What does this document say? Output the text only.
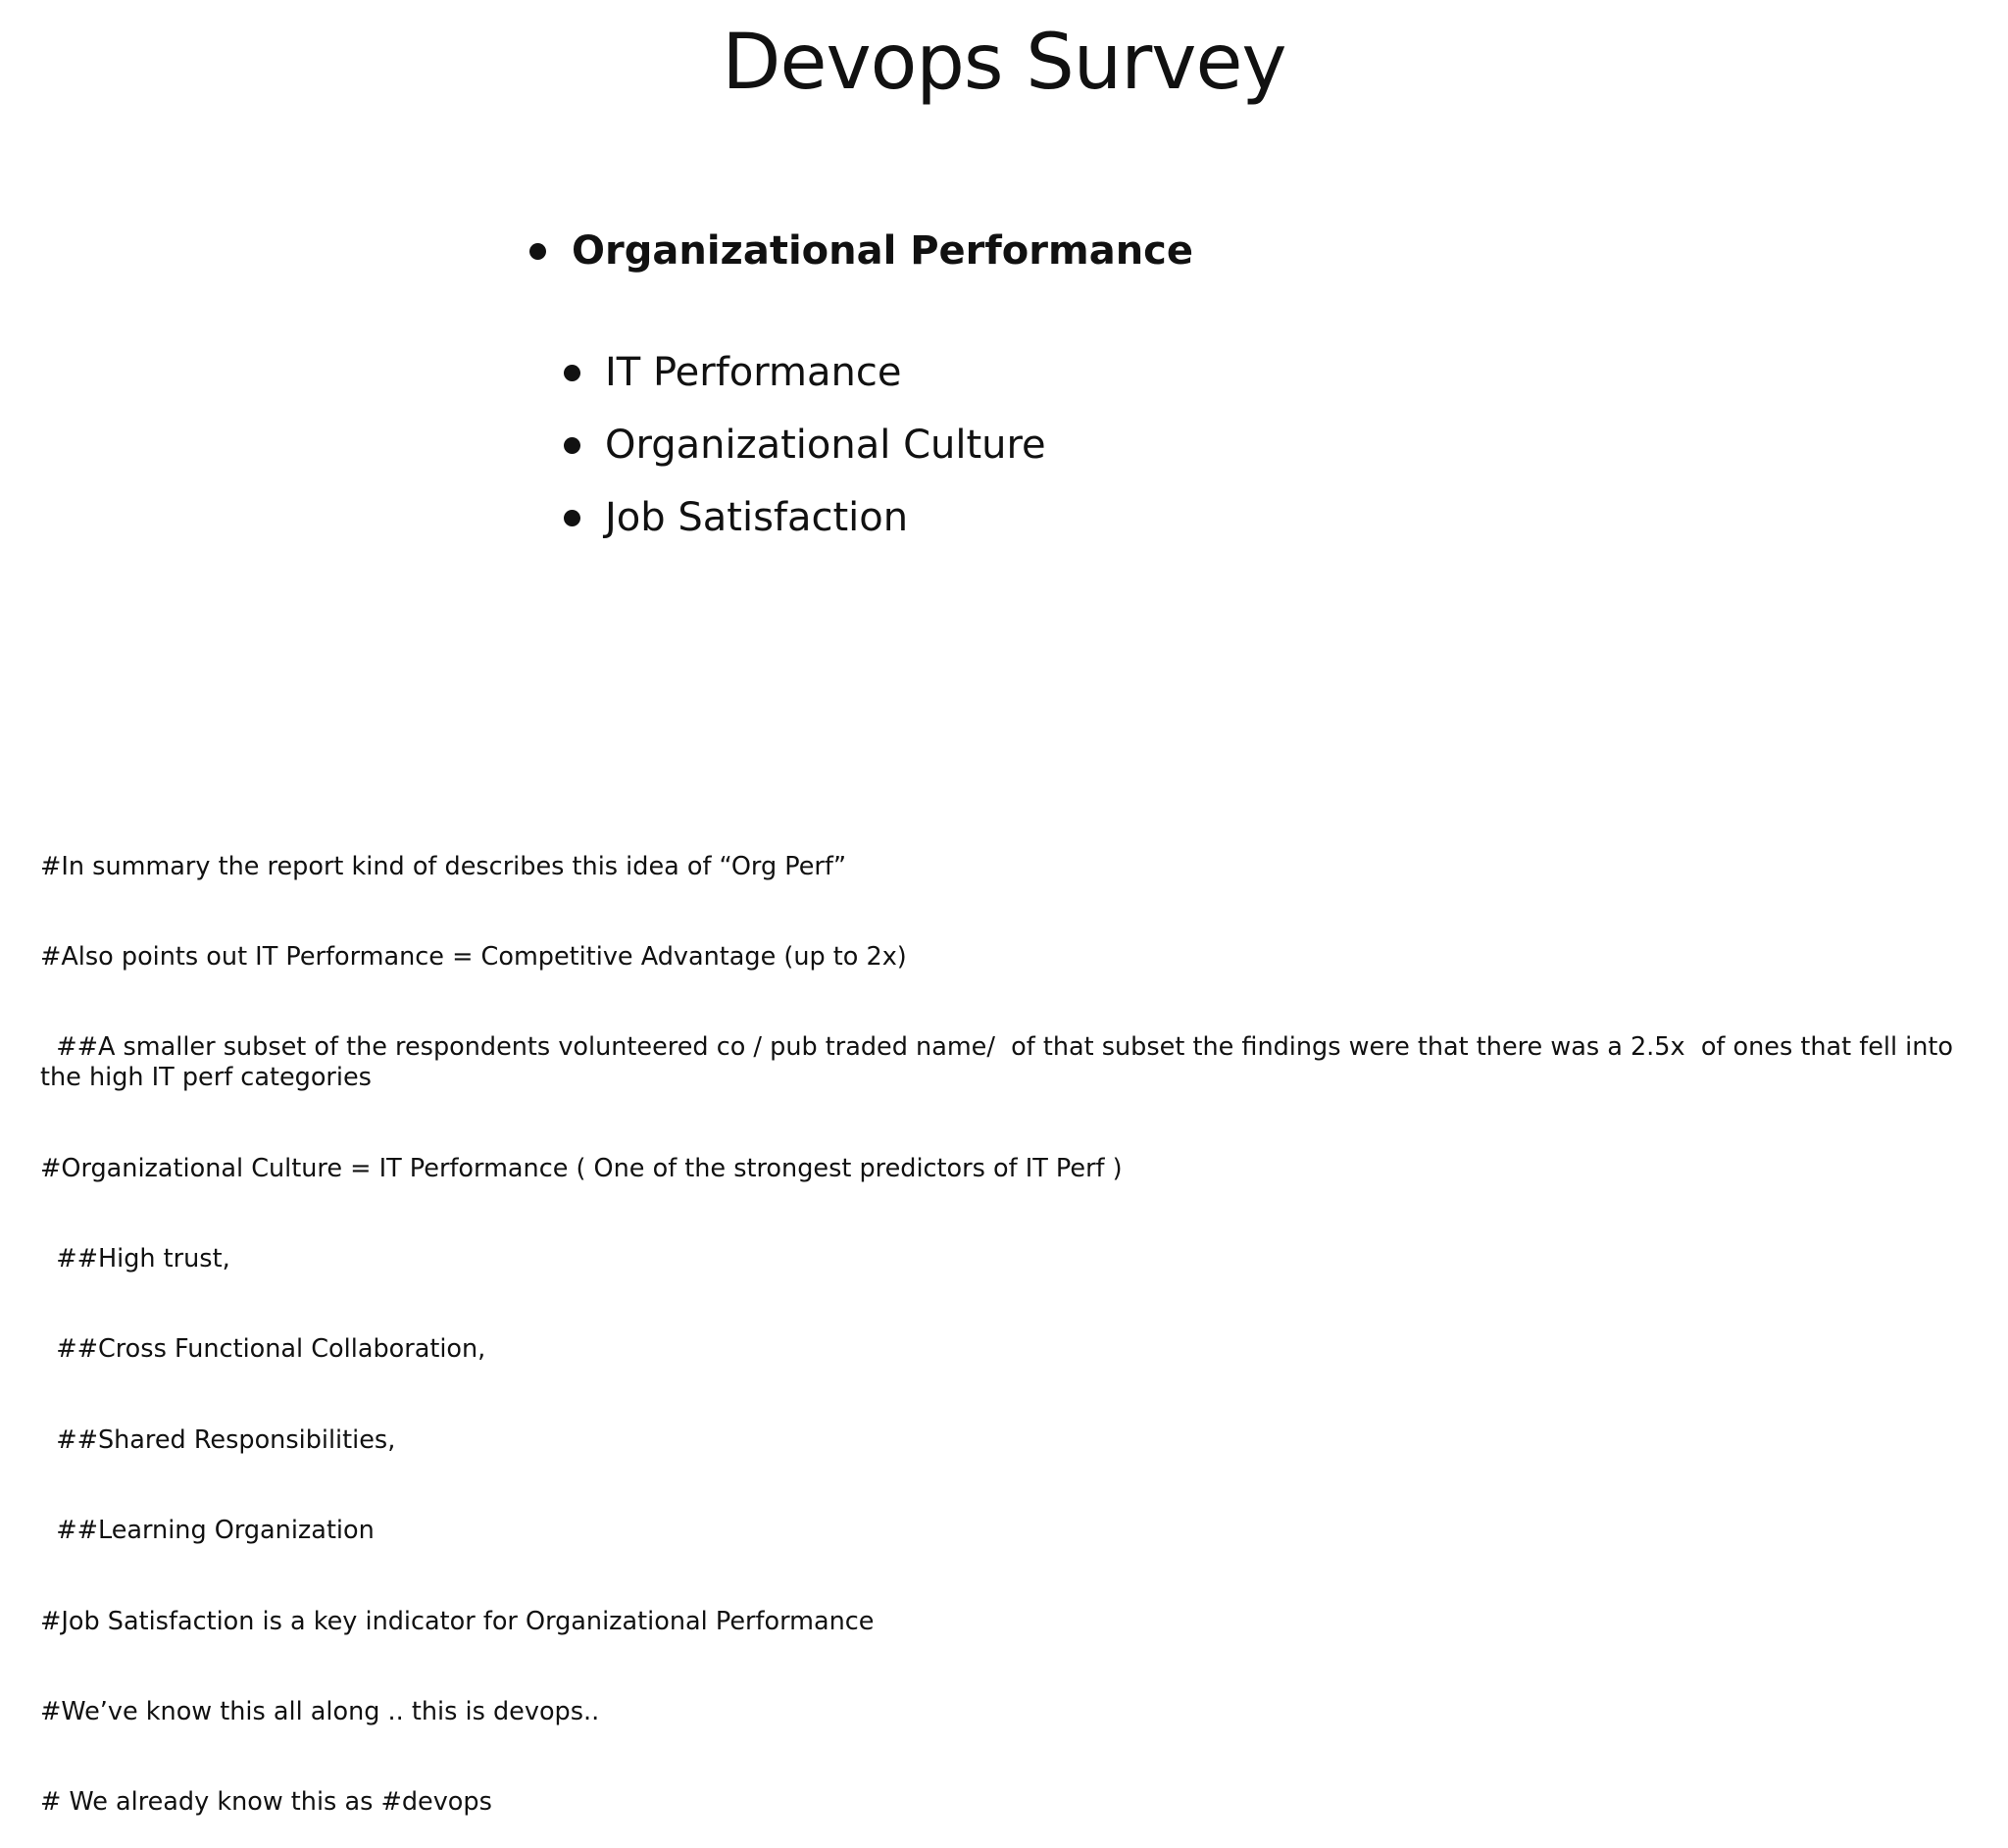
Devops Survey
Organizational Performance
IT Performance
Organizational Culture
Job Satisfaction

#In summary the report kind of describes this idea of “Org Perf”

#Also points out IT Performance = Competitive Advantage (up to 2x)

##A smaller subset of the respondents volunteered co / pub traded name/  of that subset the findings were that there was a 2.5x  of ones that fell into the high IT perf categories

#Organizational Culture = IT Performance ( One of the strongest predictors of IT Perf )

##High trust,

##Cross Functional Collaboration,

##Shared Responsibilities,

##Learning Organization

#Job Satisfaction is a key indicator for Organizational Performance

#We’ve know this all along .. this is devops..

# We already know this as #devops
